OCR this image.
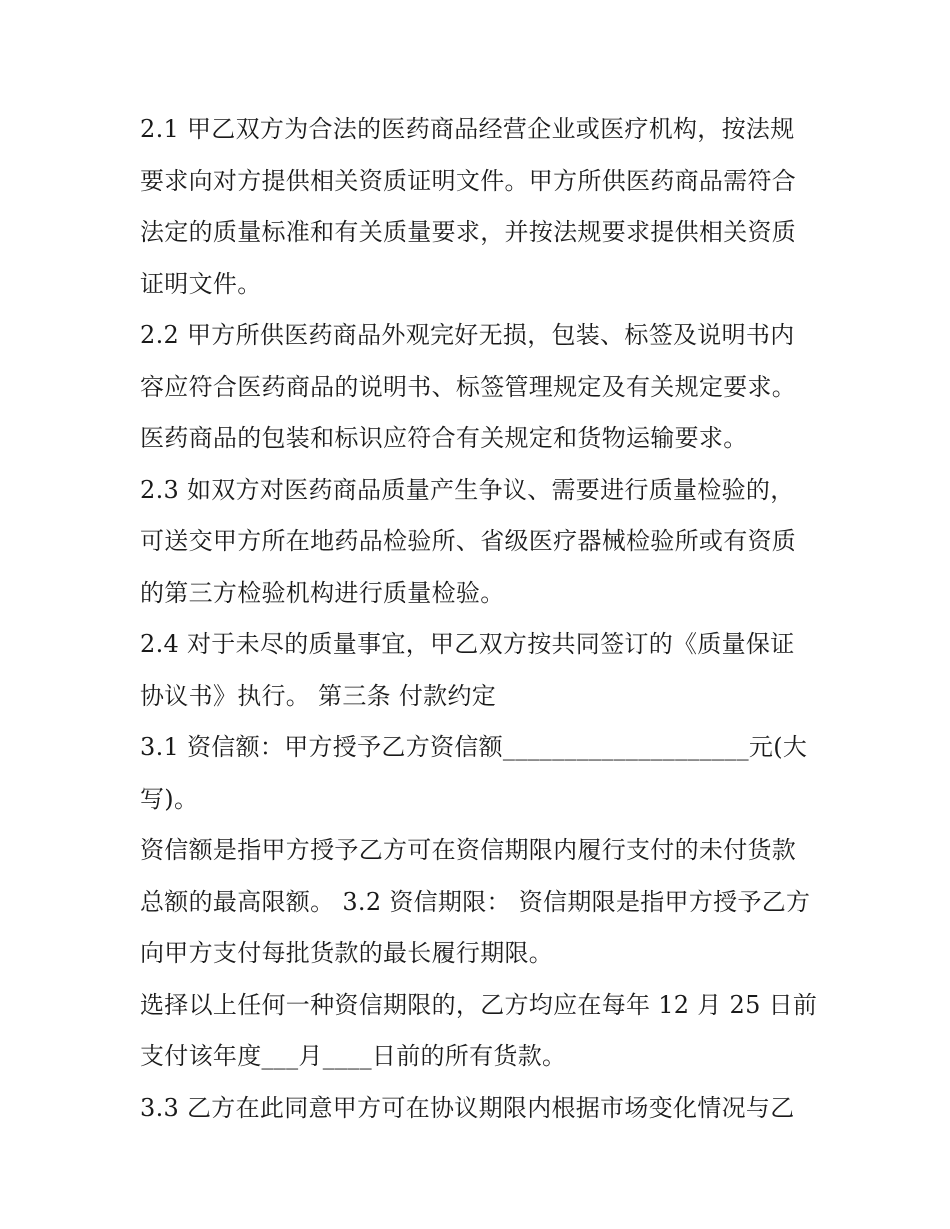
2.1 甲乙双方为合法的医药商品经营企业或医疗机构，按法规
要求向对方提供相关资质证明文件。甲方所供医药商品需符合
法定的质量标准和有关质量要求，并按法规要求提供相关资质
证明文件。
2.2 甲方所供医药商品外观完好无损，包装、标签及说明书内
容应符合医药商品的说明书、标签管理规定及有关规定要求。
医药商品的包装和标识应符合有关规定和货物运输要求。
2.3 如双方对医药商品质量产生争议、需要进行质量检验的，
可送交甲方所在地药品检验所、省级医疗器械检验所或有资质
的第三方检验机构进行质量检验。
2.4 对于未尽的质量事宜，甲乙双方按共同签订的《质量保证
协议书》执行。 第三条 付款约定
3.1 资信额：甲方授予乙方资信额____________________元(大
写)。
资信额是指甲方授予乙方可在资信期限内履行支付的未付货款
总额的最高限额。 3.2 资信期限： 资信期限是指甲方授予乙方
向甲方支付每批货款的最长履行期限。
选择以上任何一种资信期限的，乙方均应在每年 12 月 25 日前
支付该年度___月____日前的所有货款。
3.3 乙方在此同意甲方可在协议期限内根据市场变化情况与乙
